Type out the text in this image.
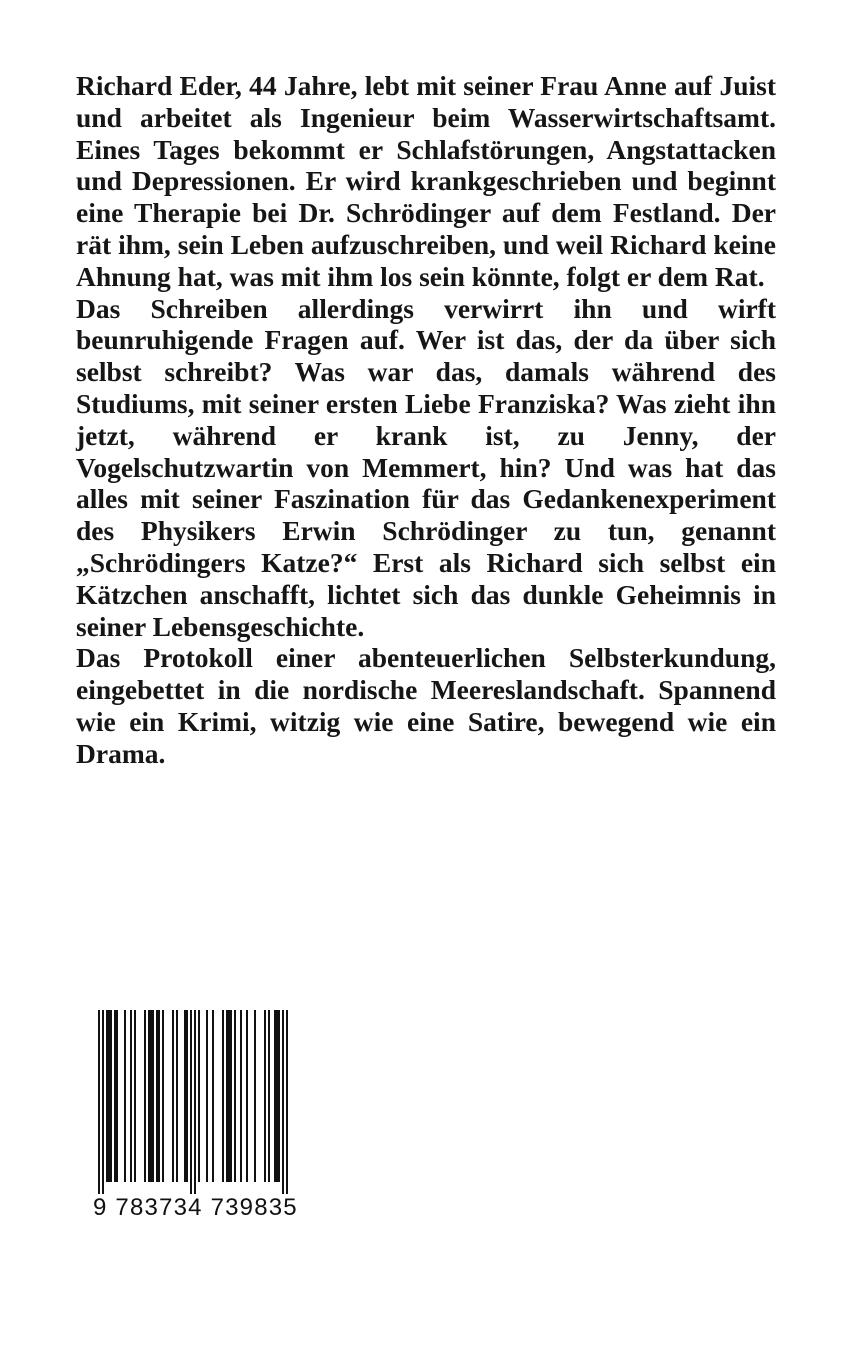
Richard Eder, 44 Jahre, lebt mit seiner Frau Anne auf Juist und arbeitet als Ingenieur beim Wasserwirtschaftsamt. Eines Tages bekommt er Schlafstörungen, Angstattacken und Depressionen. Er wird krankgeschrieben und beginnt eine Therapie bei Dr. Schrödinger auf dem Festland. Der rät ihm, sein Leben aufzuschreiben, und weil Richard keine Ahnung hat, was mit ihm los sein könnte, folgt er dem Rat.

Das Schreiben allerdings verwirrt ihn und wirft beunruhigende Fragen auf. Wer ist das, der da über sich selbst schreibt? Was war das, damals während des Studiums, mit seiner ersten Liebe Franziska? Was zieht ihn jetzt, während er krank ist, zu Jenny, der Vogelschutzwartin von Memmert, hin? Und was hat das alles mit seiner Faszination für das Gedankenexperiment des Physikers Erwin Schrödinger zu tun, genannt „Schrödingers Katze?“ Erst als Richard sich selbst ein Kätzchen anschafft, lichtet sich das dunkle Geheimnis in seiner Lebensgeschichte.

Das Protokoll einer abenteuerlichen Selbsterkundung, eingebettet in die nordische Meereslandschaft. Spannend wie ein Krimi, witzig wie eine Satire, bewegend wie ein Drama.

9 783734 739835
